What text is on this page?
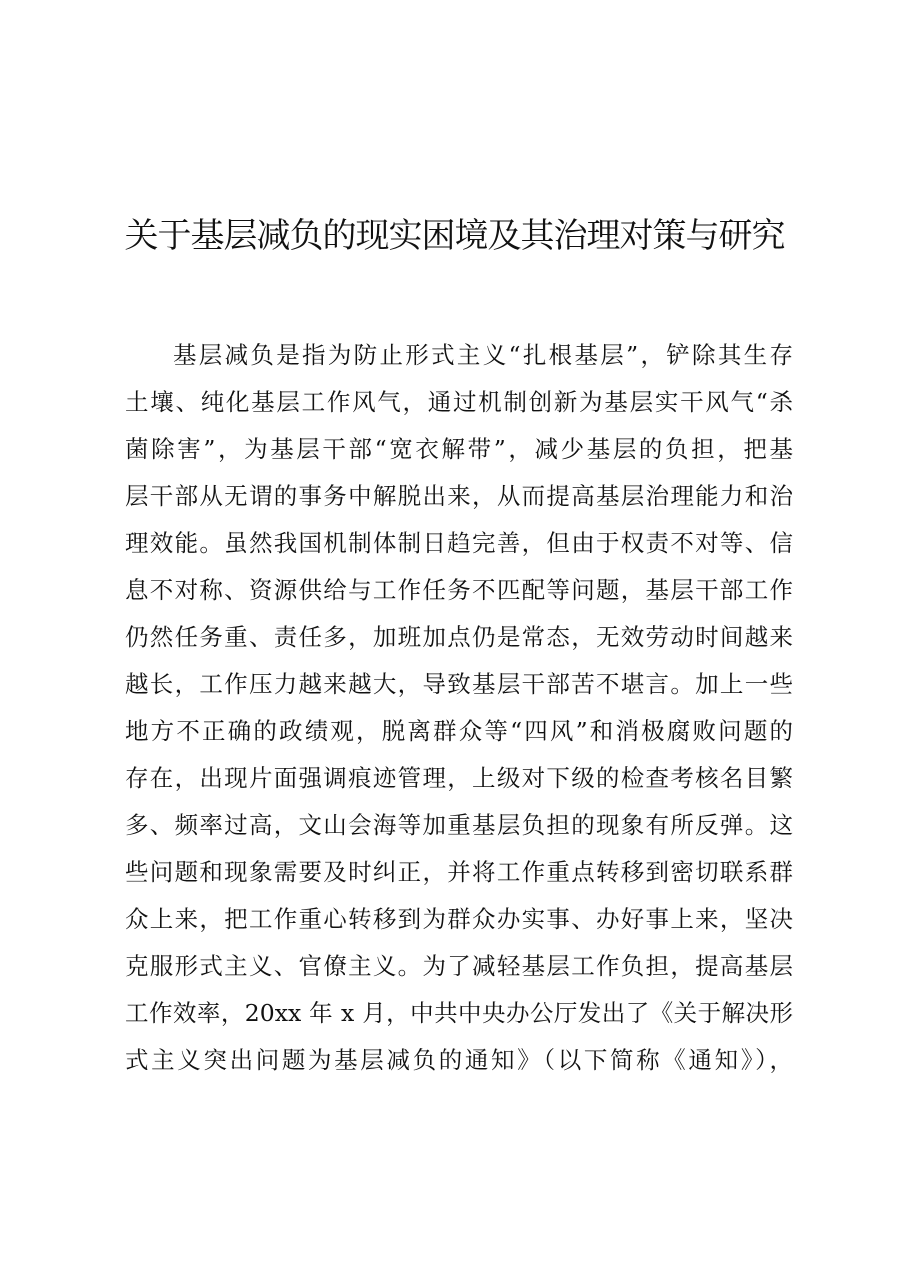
关于基层减负的现实困境及其治理对策与研究
基层减负是指为防止形式主义“扎根基层”，铲除其生存
土壤、纯化基层工作风气，通过机制创新为基层实干风气“杀
菌除害”，为基层干部“宽衣解带”，减少基层的负担，把基
层干部从无谓的事务中解脱出来，从而提高基层治理能力和治
理效能。虽然我国机制体制日趋完善，但由于权责不对等、信
息不对称、资源供给与工作任务不匹配等问题，基层干部工作
仍然任务重、责任多，加班加点仍是常态，无效劳动时间越来
越长，工作压力越来越大，导致基层干部苦不堪言。加上一些
地方不正确的政绩观，脱离群众等“四风”和消极腐败问题的
存在，出现片面强调痕迹管理，上级对下级的检查考核名目繁
多、频率过高，文山会海等加重基层负担的现象有所反弹。这
些问题和现象需要及时纠正，并将工作重点转移到密切联系群
众上来，把工作重心转移到为群众办实事、办好事上来，坚决
克服形式主义、官僚主义。为了减轻基层工作负担，提高基层
工作效率，20xx 年 x 月，中共中央办公厅发出了《关于解决形
式主义突出问题为基层减负的通知》（以下简称《通知》），
